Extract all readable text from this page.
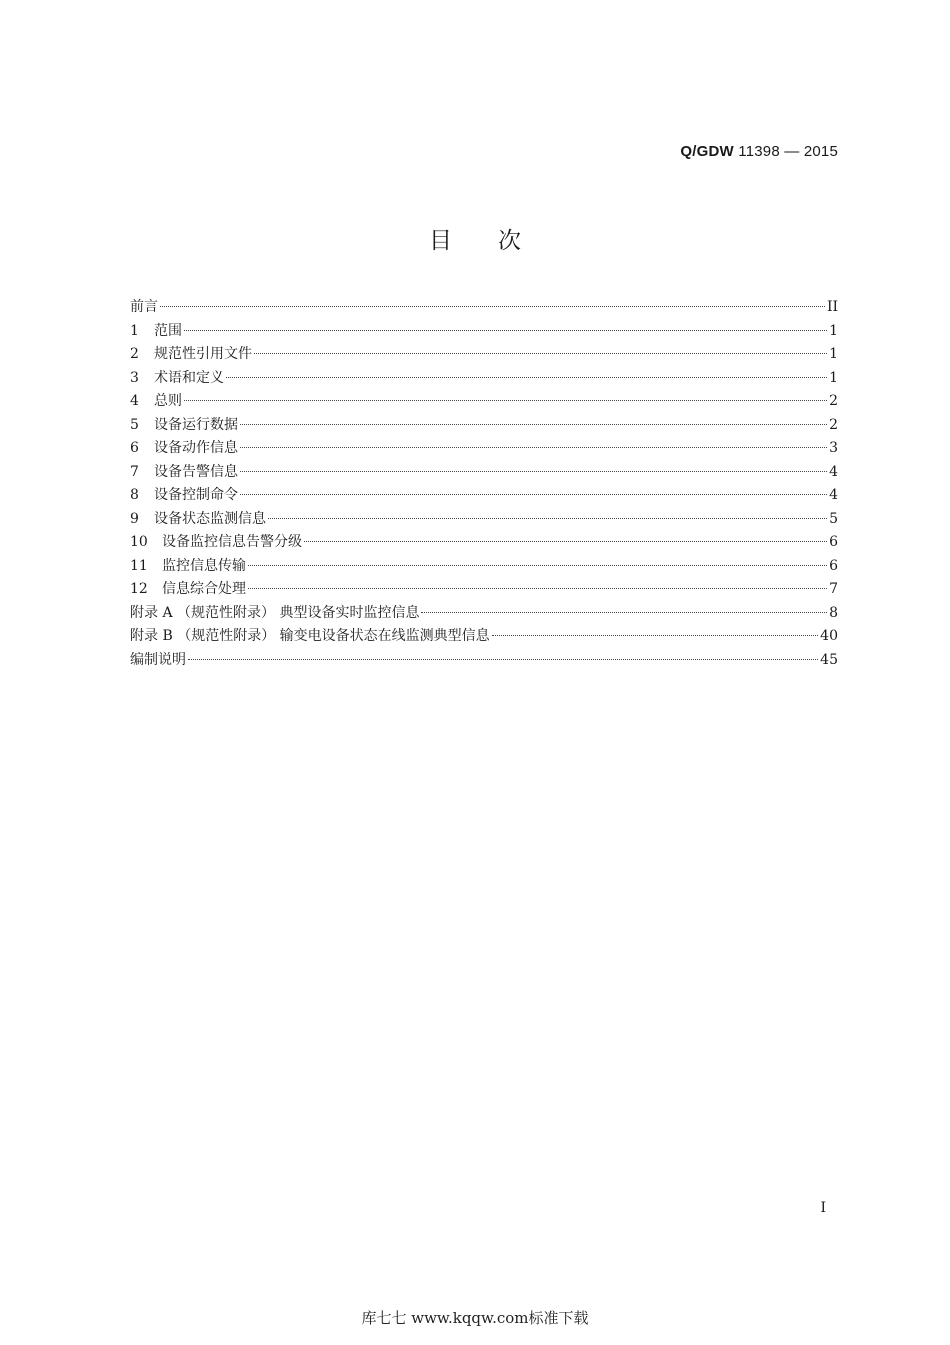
Q/GDW 11398 — 2015
目次
前言	II
1	范围	1
2	规范性引用文件	1
3	术语和定义	1
4	总则	2
5	设备运行数据	2
6	设备动作信息	3
7	设备告警信息	4
8	设备控制命令	4
9	设备状态监测信息	5
10	设备监控信息告警分级	6
11	监控信息传输	6
12	信息综合处理	7
附录 A （规范性附录） 典型设备实时监控信息	8
附录 B （规范性附录） 输变电设备状态在线监测典型信息	40
编制说明	45
I
库七七 www.kqqw.com标准下载
